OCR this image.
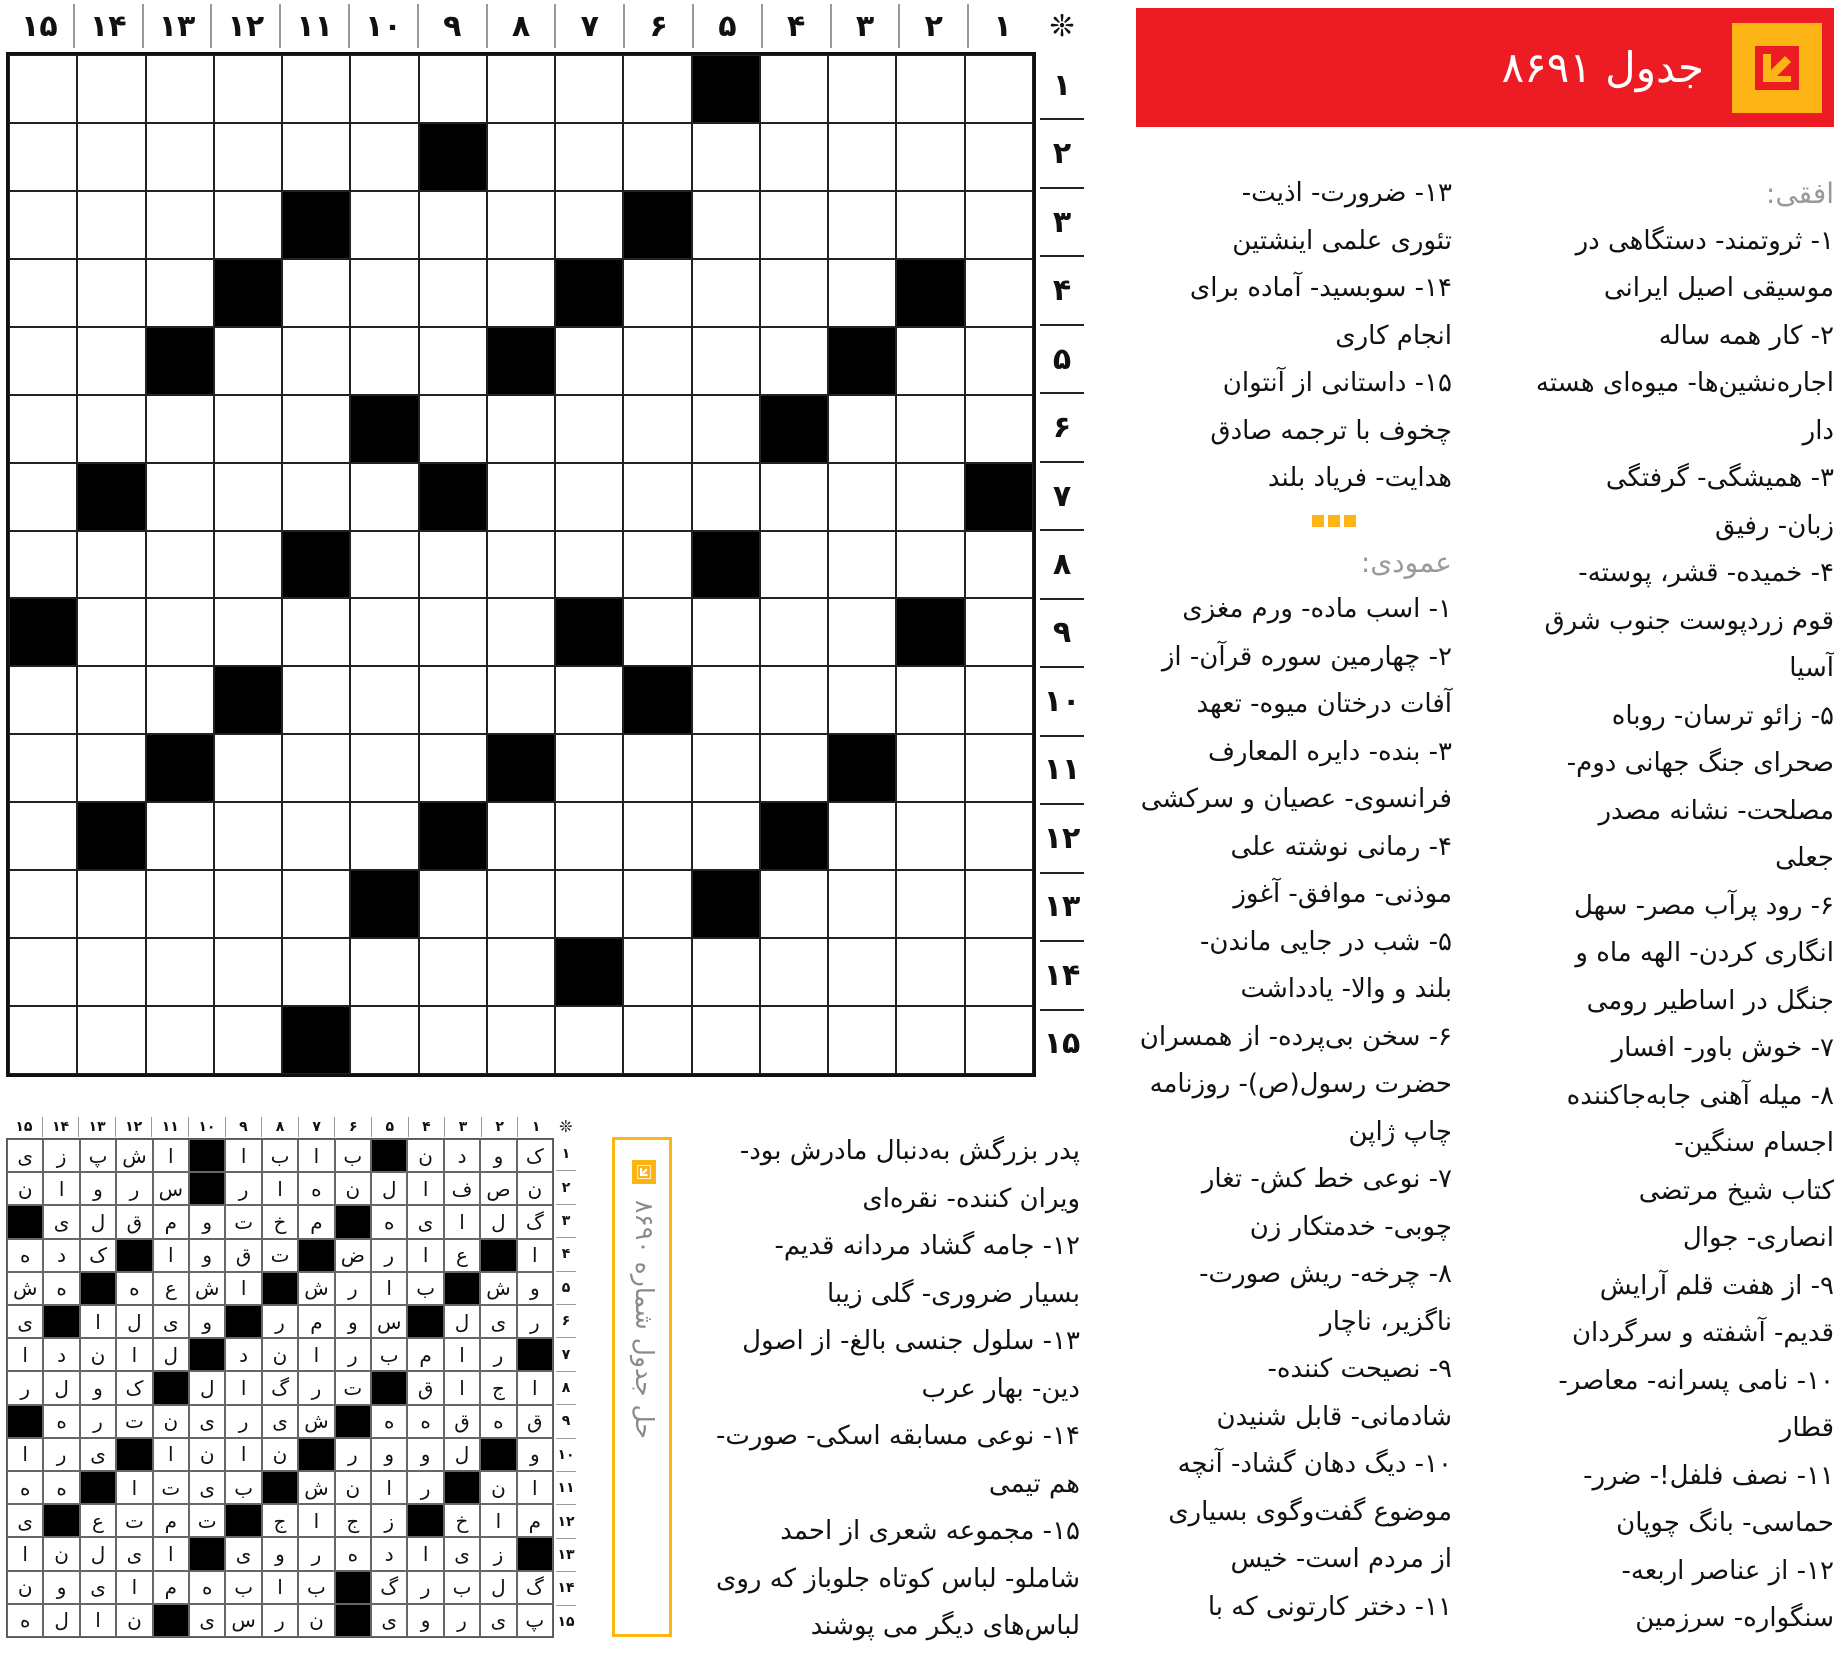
۱
۲
۳
۴
۵
۶
۷
۸
۹
۱۰
۱۱
۱۲
۱۳
۱۴
۱۵	❊
۱
۲
۳
۴
۵
۶
۷
۸
۹
۱۰
۱۱
۱۲
۱۳
۱۴
۱۵
جدول ۸۶۹۱
افقی:
۱- ثروتمند- دستگاهی در
موسیقی اصیل ایرانی
۲- کار همه ساله
اجاره‌نشین‌ها- میوه‌ای هسته
دار
۳- همیشگی- گرفتگی
زبان- رفیق
۴- خمیده- قشر، پوسته-
قوم زردپوست جنوب شرق
آسیا
۵- زائو ترسان- روباه
صحرای جنگ جهانی دوم-
مصلحت- نشانه مصدر
جعلی
۶- رود پرآب مصر- سهل
انگاری کردن- الهه ماه و
جنگل در اساطیر رومی
۷- خوش باور- افسار
۸- میله آهنی جابه‌جاکننده
اجسام سنگین-
کتاب شیخ مرتضی
انصاری- جوال
۹- از هفت قلم آرایش
قدیم- آشفته و سرگردان
۱۰- نامی پسرانه- معاصر-
قطار
۱۱- نصف فلفل!- ضرر-
حماسی- بانگ چوپان
۱۲- از عناصر اربعه-
سنگواره- سرزمین
۱۳- ضرورت- اذیت-
تئوری علمی اینشتین
۱۴- سوبسید- آماده برای
انجام کاری
۱۵- داستانی از آنتوان
چخوف با ترجمه صادق
هدایت- فریاد بلند
عمودی:
۱- اسب ماده- ورم مغزی
۲- چهارمین سوره قرآن- از
آفات درختان میوه- تعهد
۳- بنده- دایره المعارف
فرانسوی- عصیان و سرکشی
۴- رمانی نوشته علی
موذنی- موافق- آغوز
۵- شب در جایی ماندن-
بلند و والا- یادداشت
۶- سخن بی‌پرده- از همسران
حضرت رسول(ص)- روزنامه
چاپ ژاپن
۷- نوعی خط کش- تغار
چوبی- خدمتکار زن
۸- چرخه- ریش صورت-
ناگزیر، ناچار
۹- نصیحت کننده-
شادمانی- قابل شنیدن
۱۰- دیگ دهان گشاد- آنچه
موضوع گفت‌وگوی بسیاری
از مردم است- خیس
۱۱- دختر کارتونی که با
پدر بزرگش به‌دنبال مادرش بود-
ویران کننده- نقره‌ای
۱۲- جامه گشاد مردانه قدیم-
بسیار ضروری- گلی زیبا
۱۳- سلول جنسی بالغ- از اصول
دین- بهار عرب
۱۴- نوعی مسابقه اسکی- صورت-
هم تیمی
۱۵- مجموعه شعری از احمد
شاملو- لباس کوتاه جلوباز که روی
لباس‌های دیگر می پوشند
۱
۲
۳
۴
۵
۶
۷
۸
۹
۱۰
۱۱
۱۲
۱۳
۱۴
۱۵	❊
ک
و
د
ن
ب
ا
ب
ا
ا
ش
پ
ز
ی
ن
ص
ف
ا
ل
ن
ه
ا
ر
س
ر
و
ا
ن
گ
ل
ا
ی
ه
م
خ
ت
و
م
ق
ل
ی
ا
ع
ا
ر
ض
ت
ق
و
ا
ک
د
ه
و
ش
ب
ا
ر
ش
ا
ش
ع
ه
ه
ش
ر
ی
ل
س
و
م
ر
و
ی
ل
ا
ی
ر
ا
م
ب
ر
ا
ن
د
ل
ا
ن
د
ا
ا
ج
ا
ق
ت
ر
گ
ا
ل
ک
و
ل
ر
ق
ه
ق
ه
ه
ش
ی
ر
ی
ن
ت
ر
ه
و
ل
و
و
ر
ن
ا
ن
ا
ی
ر
ا
ا
ن
ر
ا
ن
ش
ب
ی
ت
ا
ه
ه
م
ا
خ
ز
ج
ا
ج
ت
م
ت
ع
ی
ز
ی
ا
د
ه
ر
و
ی
ا
ی
ل
ن
ا
گ
ل
ب
ر
گ
ب
ا
ب
ه
م
ا
ی
و
ن
پ
ی
ر
و
ی
ن
ر
س
ی
ن
ا
ل
ه
۱
۲
۳
۴
۵
۶
۷
۸
۹
۱۰
۱۱
۱۲
۱۳
۱۴
۱۵
حل جدول شماره ۸۶۹۰
